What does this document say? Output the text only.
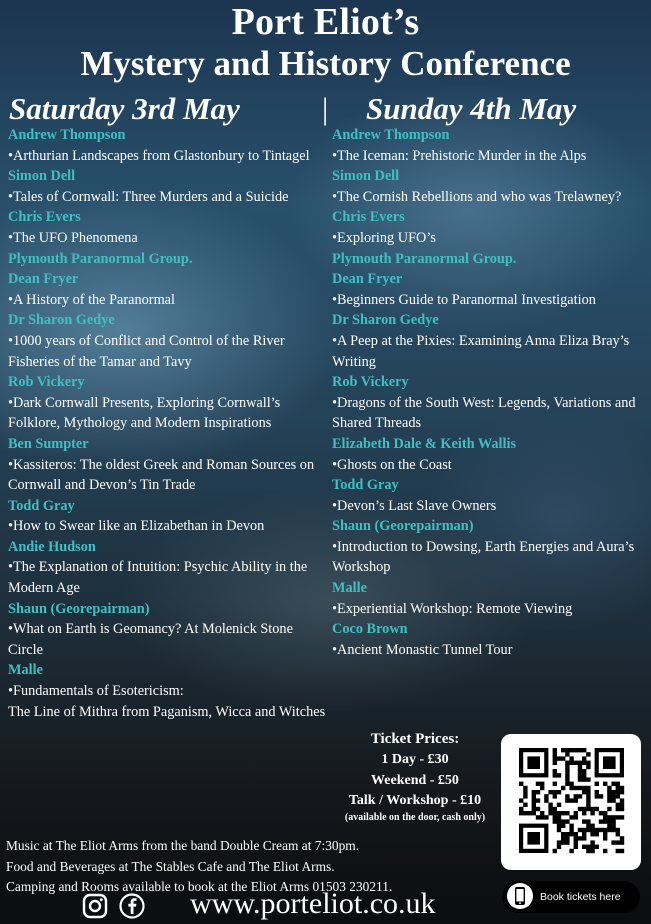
Port Eliot’s
Mystery and History Conference
Saturday 3rd May	| Sunday 4th May
Andrew Thompson
•Arthurian Landscapes from Glastonbury to Tintagel
Simon Dell
•Tales of Cornwall: Three Murders and a Suicide
Chris Evers
•The UFO Phenomena
Plymouth Paranormal Group.
Dean Fryer
•A History of the Paranormal
Dr Sharon Gedye
•1000 years of Conflict and Control of the River Fisheries of the Tamar and Tavy
Rob Vickery
•Dark Cornwall Presents, Exploring Cornwall’s Folklore, Mythology and Modern Inspirations
Ben Sumpter
•Kassiteros: The oldest Greek and Roman Sources on Cornwall and Devon’s Tin Trade
Todd Gray
•How to Swear like an Elizabethan in Devon
Andie Hudson
•The Explanation of Intuition: Psychic Ability in the Modern Age
Shaun (Georepairman)
•What on Earth is Geomancy? At Molenick Stone Circle
Malle
•Fundamentals of Esotericism:
The Line of Mithra from Paganism, Wicca and Witches
Andrew Thompson
•The Iceman: Prehistoric Murder in the Alps
Simon Dell
•The Cornish Rebellions and who was Trelawney?
Chris Evers
•Exploring UFO’s
Plymouth Paranormal Group.
Dean Fryer
•Beginners Guide to Paranormal Investigation
Dr Sharon Gedye
•A Peep at the Pixies: Examining Anna Eliza Bray’s Writing
Rob Vickery
•Dragons of the South West: Legends, Variations and Shared Threads
Elizabeth Dale & Keith Wallis
•Ghosts on the Coast
Todd Gray
•Devon’s Last Slave Owners
Shaun (Georepairman)
•Introduction to Dowsing, Earth Energies and Aura’s Workshop
Malle
•Experiential Workshop: Remote Viewing
Coco Brown
•Ancient Monastic Tunnel Tour
Ticket Prices:
1 Day - £30
Weekend - £50
Talk / Workshop - £10
(available on the door, cash only)
Music at The Eliot Arms from the band Double Cream at 7:30pm.
Food and Beverages at The Stables Cafe and The Eliot Arms.
Camping and Rooms available to book at the Eliot Arms 01503 230211.

www.porteliot.co.uk	Book tickets here
